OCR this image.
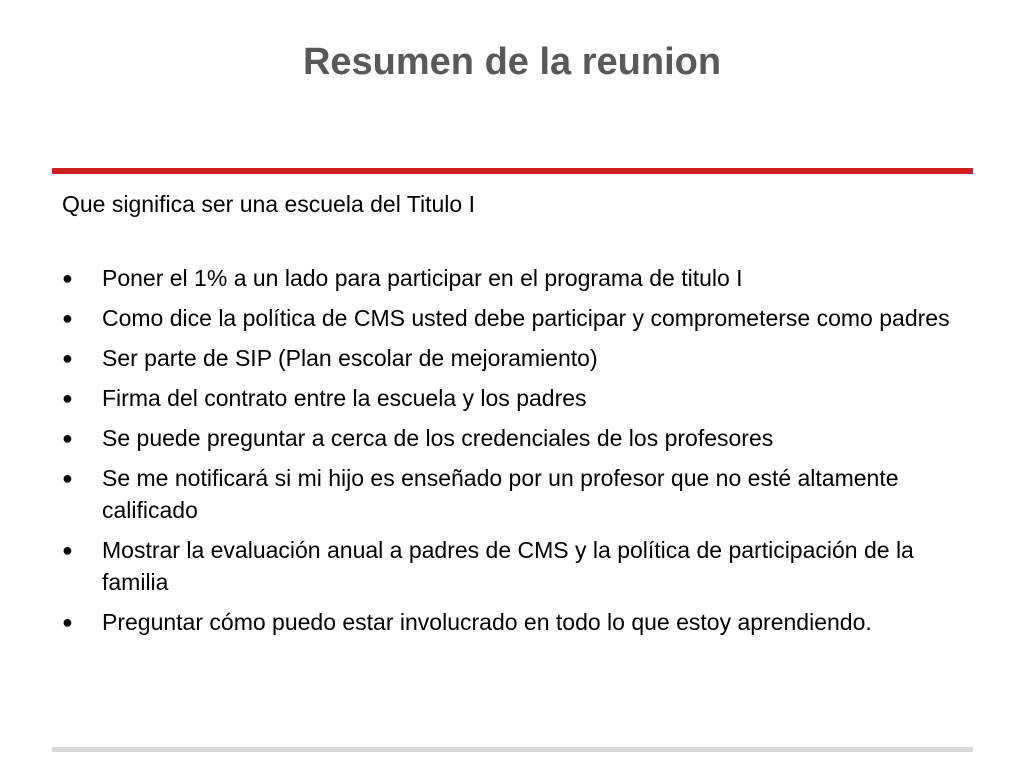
Resumen de la reunion
Que significa ser una escuela del Titulo I
● Poner el 1% a un lado para participar en el programa de titulo I
● Como dice la política de CMS usted debe participar y comprometerse como padres
● Ser parte de SIP (Plan escolar de mejoramiento)
● Firma del contrato entre la escuela y los padres
● Se puede preguntar a cerca de los credenciales de los profesores
● Se me notificará si mi hijo es enseñado por un profesor que no esté altamente calificado
● Mostrar la evaluación anual a padres de CMS y la política de participación de la familia
● Preguntar cómo puedo estar involucrado en todo lo que estoy aprendiendo.
